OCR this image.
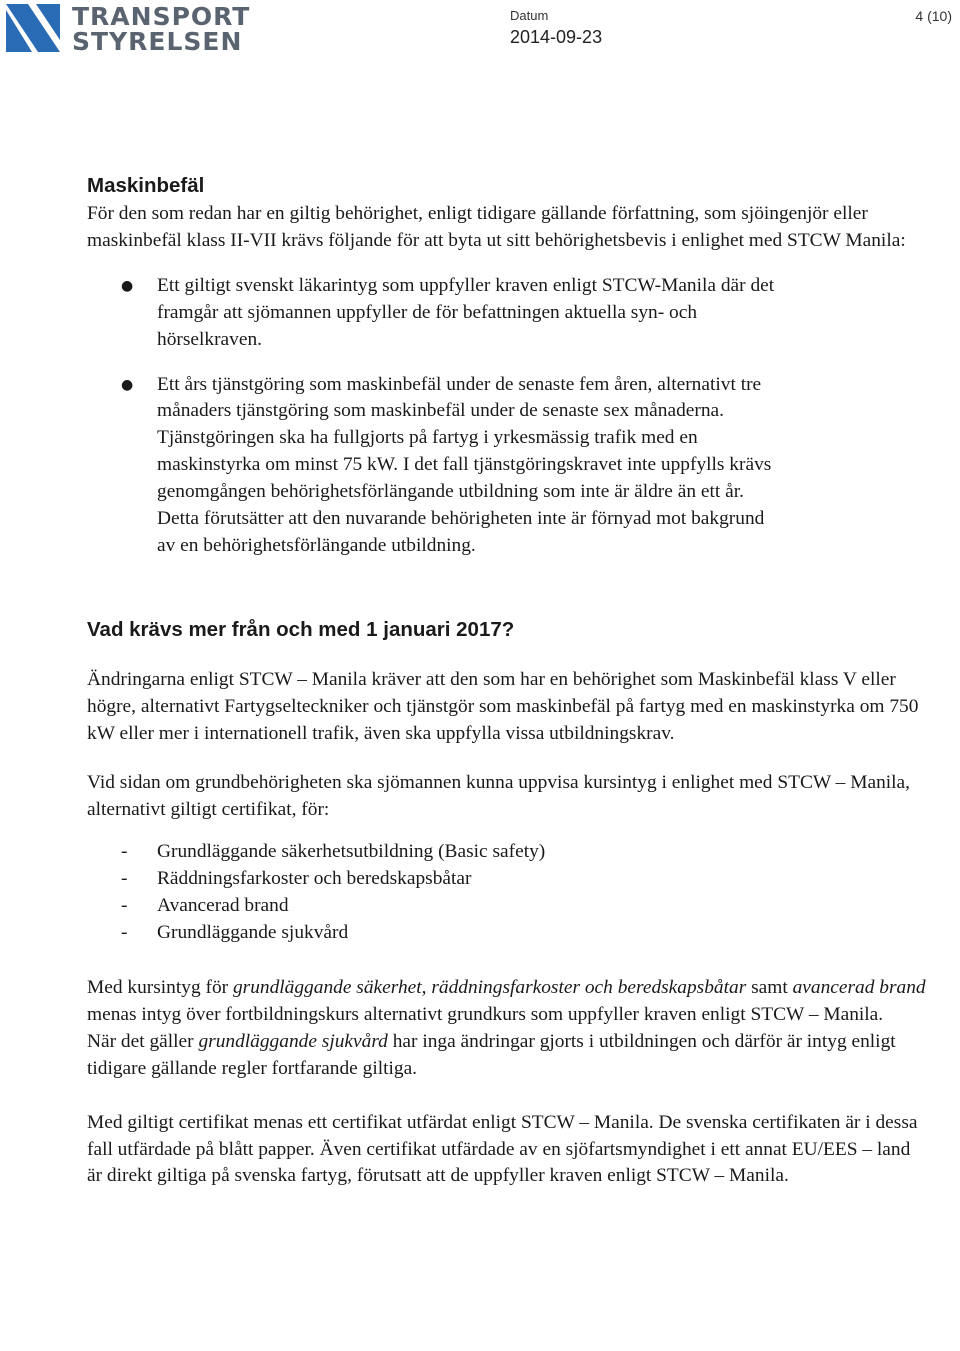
TRANSPORT
STYRELSEN
Datum
2014-09-23
4 (10)
Maskinbefäl

För den som redan har en giltig behörighet, enligt tidigare gällande författning, som sjöingenjör eller maskinbefäl klass II-VII krävs följande för att byta ut sitt behörighetsbevis i enlighet med STCW Manila:

● Ett giltigt svenskt läkarintyg som uppfyller kraven enligt STCW-Manila där det framgår att sjömannen uppfyller de för befattningen aktuella syn- och hörselkraven.
● Ett års tjänstgöring som maskinbefäl under de senaste fem åren, alternativt tre månaders tjänstgöring som maskinbefäl under de senaste sex månaderna. Tjänstgöringen ska ha fullgjorts på fartyg i yrkesmässig trafik med en maskinstyrka om minst 75 kW. I det fall tjänstgöringskravet inte uppfylls krävs genomgången behörighetsförlängande utbildning som inte är äldre än ett år. Detta förutsätter att den nuvarande behörigheten inte är förnyad mot bakgrund av en behörighetsförlängande utbildning.
Vad krävs mer från och med 1 januari 2017?

Ändringarna enligt STCW – Manila kräver att den som har en behörighet som Maskinbefäl klass V eller högre, alternativt Fartygselteckniker och tjänstgör som maskinbefäl på fartyg med en maskinstyrka om 750 kW eller mer i internationell trafik, även ska uppfylla vissa utbildningskrav.

Vid sidan om grundbehörigheten ska sjömannen kunna uppvisa kursintyg i enlighet med STCW – Manila, alternativt giltigt certifikat, för:

- Grundläggande säkerhetsutbildning (Basic safety)
- Räddningsfarkoster och beredskapsbåtar
- Avancerad brand
- Grundläggande sjukvård

Med kursintyg för grundläggande säkerhet, räddningsfarkoster och beredskapsbåtar samt avancerad brand menas intyg över fortbildningskurs alternativt grundkurs som uppfyller kraven enligt STCW – Manila.

När det gäller grundläggande sjukvård har inga ändringar gjorts i utbildningen och därför är intyg enligt tidigare gällande regler fortfarande giltiga.

Med giltigt certifikat menas ett certifikat utfärdat enligt STCW – Manila. De svenska certifikaten är i dessa fall utfärdade på blått papper. Även certifikat utfärdade av en sjöfartsmyndighet i ett annat EU/EES – land är direkt giltiga på svenska fartyg, förutsatt att de uppfyller kraven enligt STCW – Manila.
